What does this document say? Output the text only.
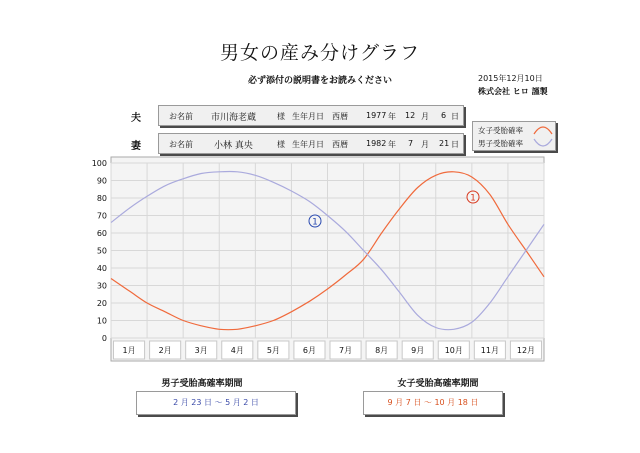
男女の産み分けグラフ
必ず添付の説明書をお読みください	2015年12月10日
株式会社 ヒロ 謹製
夫	お名前 市川海老蔵	様 生年月日 西暦 1977 年 12 月 6 日
妻	お名前 小林 真央	様 生年月日 西暦 1982 年 7 月 21 日
女子受胎確率
男子受胎確率
0
10
20
30
40
50
60
70
80
90
100
1
1
1月	2月	3月	4月	5月	6月	7月	8月	9月	10月 11月 12月
男子受胎高確率期間
2 月 23 日 ～ 5 月 2 日
女子受胎高確率期間
9 月 7 日 ～ 10 月 18 日
